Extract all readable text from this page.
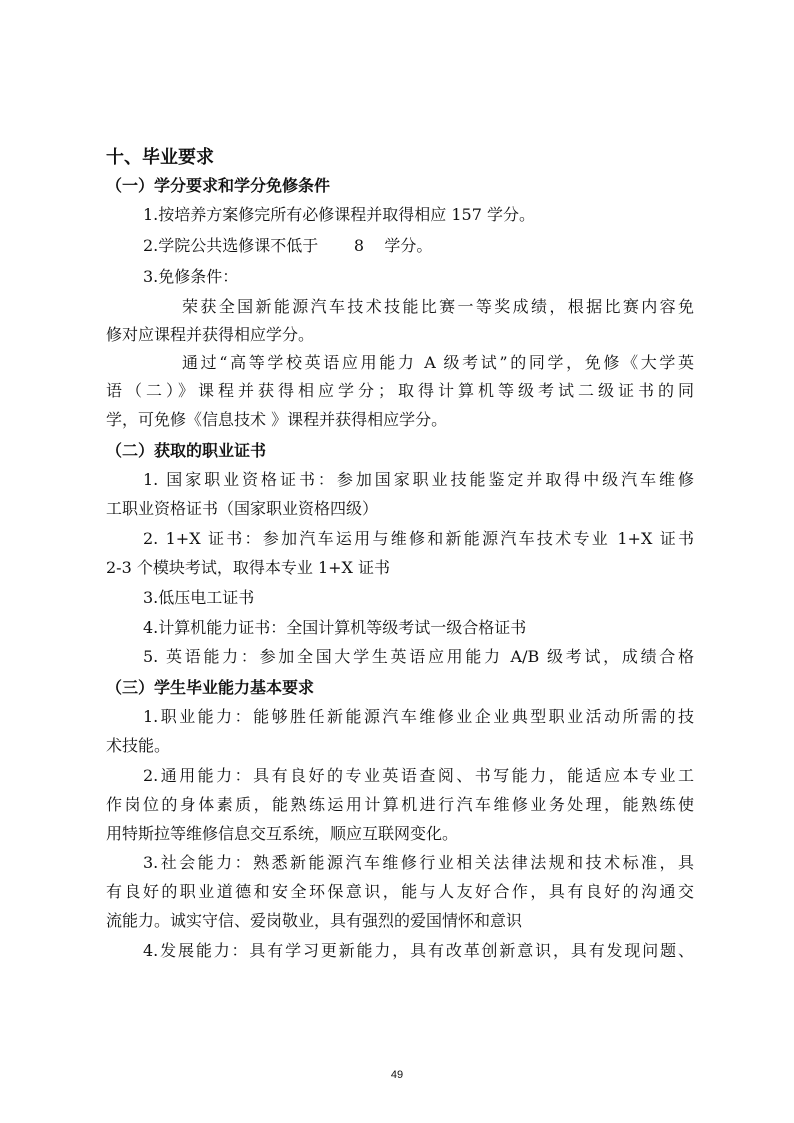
十、毕业要求
（一）学分要求和学分免修条件
1.按培养方案修完所有必修课程并取得相应 157 学分。
2.学院公共选修课不低于       8    学分。
3.免修条件：
荣获全国新能源汽车技术技能比赛一等奖成绩，根据比赛内容免
修对应课程并获得相应学分。
通过“高等学校英语应用能力 A 级考试”的同学，免修《大学英
语（二）》课程并获得相应学分；取得计算机等级考试二级证书的同
学，可免修《信息技术 》课程并获得相应学分。
（二）获取的职业证书
1. 国家职业资格证书：参加国家职业技能鉴定并取得中级汽车维修
工职业资格证书（国家职业资格四级）
2. 1+X 证书：参加汽车运用与维修和新能源汽车技术专业 1+X 证书
2-3 个模块考试，取得本专业 1+X 证书
3.低压电工证书
4.计算机能力证书：全国计算机等级考试一级合格证书
5. 英语能力：参加全国大学生英语应用能力 A/B 级考试，成绩合格
（三）学生毕业能力基本要求
1.职业能力：能够胜任新能源汽车维修业企业典型职业活动所需的技
术技能。
2.通用能力：具有良好的专业英语查阅、书写能力，能适应本专业工
作岗位的身体素质，能熟练运用计算机进行汽车维修业务处理，能熟练使
用特斯拉等维修信息交互系统，顺应互联网变化。
3.社会能力：熟悉新能源汽车维修行业相关法律法规和技术标准，具
有良好的职业道德和安全环保意识，能与人友好合作，具有良好的沟通交
流能力。诚实守信、爱岗敬业，具有强烈的爱国情怀和意识
4.发展能力：具有学习更新能力，具有改革创新意识，具有发现问题、
49
